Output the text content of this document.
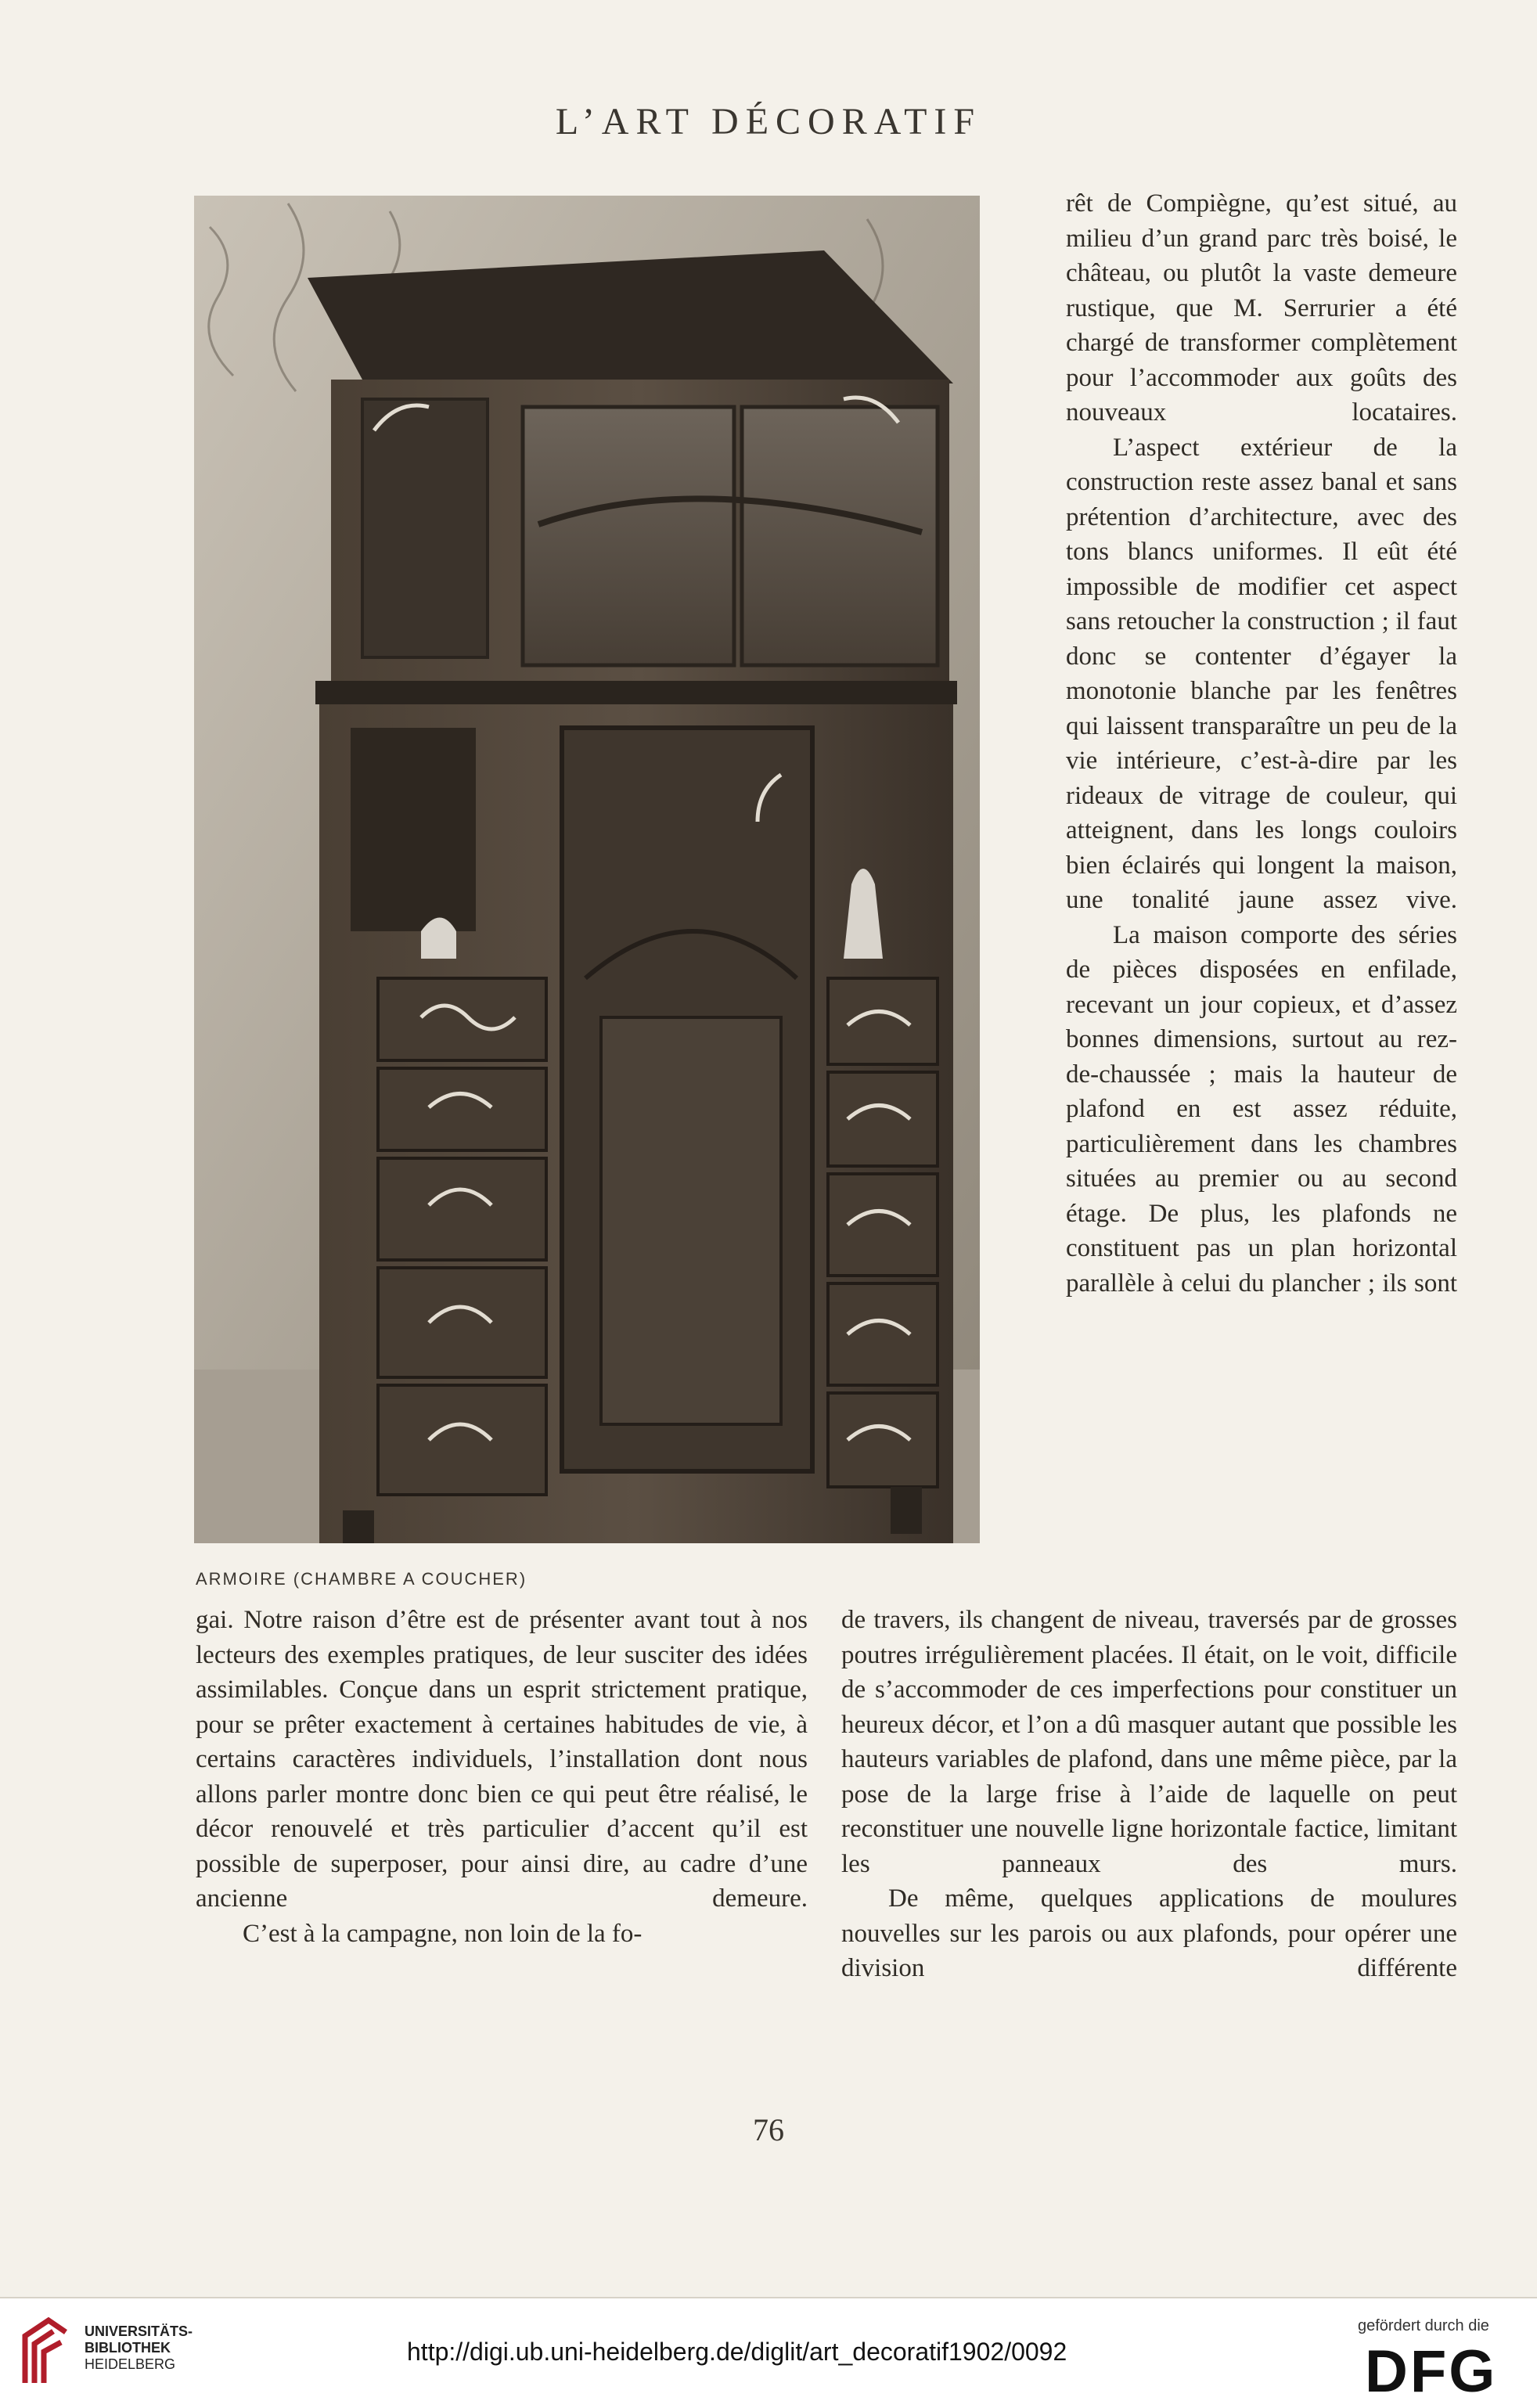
L’ART DÉCORATIF
ARMOIRE (CHAMBRE A COUCHER)

rêt de Compiègne, qu’est situé, au milieu d’un grand parc très boisé, le château, ou plutôt la vaste demeure rustique, que M. Serrurier a été chargé de transformer complètement pour l’accommoder aux goûts des nouveaux locataires.

L’aspect extérieur de la construction reste assez banal et sans prétention d’architecture, avec des tons blancs uniformes. Il eût été impossible de modifier cet aspect sans retoucher la construction ; il faut donc se contenter d’égayer la monotonie blanche par les fenêtres qui laissent transparaître un peu de la vie intérieure, c’est-à-dire par les rideaux de vitrage de couleur, qui atteignent, dans les longs couloirs bien éclairés qui longent la maison, une tonalité jaune assez vive.

La maison comporte des séries de pièces disposées en enfilade, recevant un jour copieux, et d’assez bonnes dimensions, surtout au rez-de-chaussée ; mais la hauteur de plafond en est assez réduite, particulièrement dans les chambres situées au premier ou au second étage. De plus, les plafonds ne constituent pas un plan horizontal parallèle à celui du plancher ; ils sont

gai. Notre raison d’être est de présenter avant tout à nos lecteurs des exemples pratiques, de leur susciter des idées assimilables. Conçue dans un esprit strictement pratique, pour se prêter exactement à certaines habitudes de vie, à certains caractères individuels, l’installation dont nous allons parler montre donc bien ce qui peut être réalisé, le décor renouvelé et très particulier d’accent qu’il est possible de superposer, pour ainsi dire, au cadre d’une ancienne demeure.

C’est à la campagne, non loin de la fo-

de travers, ils changent de niveau, traversés par de grosses poutres irrégulièrement placées. Il était, on le voit, difficile de s’accommoder de ces imperfections pour constituer un heureux décor, et l’on a dû masquer autant que possible les hauteurs variables de plafond, dans une même pièce, par la pose de la large frise à l’aide de laquelle on peut reconstituer une nouvelle ligne horizontale factice, limitant les panneaux des murs.

De même, quelques applications de moulures nouvelles sur les parois ou aux plafonds, pour opérer une division différente

76
UNIVERSITÄTS-
BIBLIOTHEK
HEIDELBERG	http://digi.ub.uni-heidelberg.de/diglit/art_decoratif1902/0092
gefördert durch die
DFG
